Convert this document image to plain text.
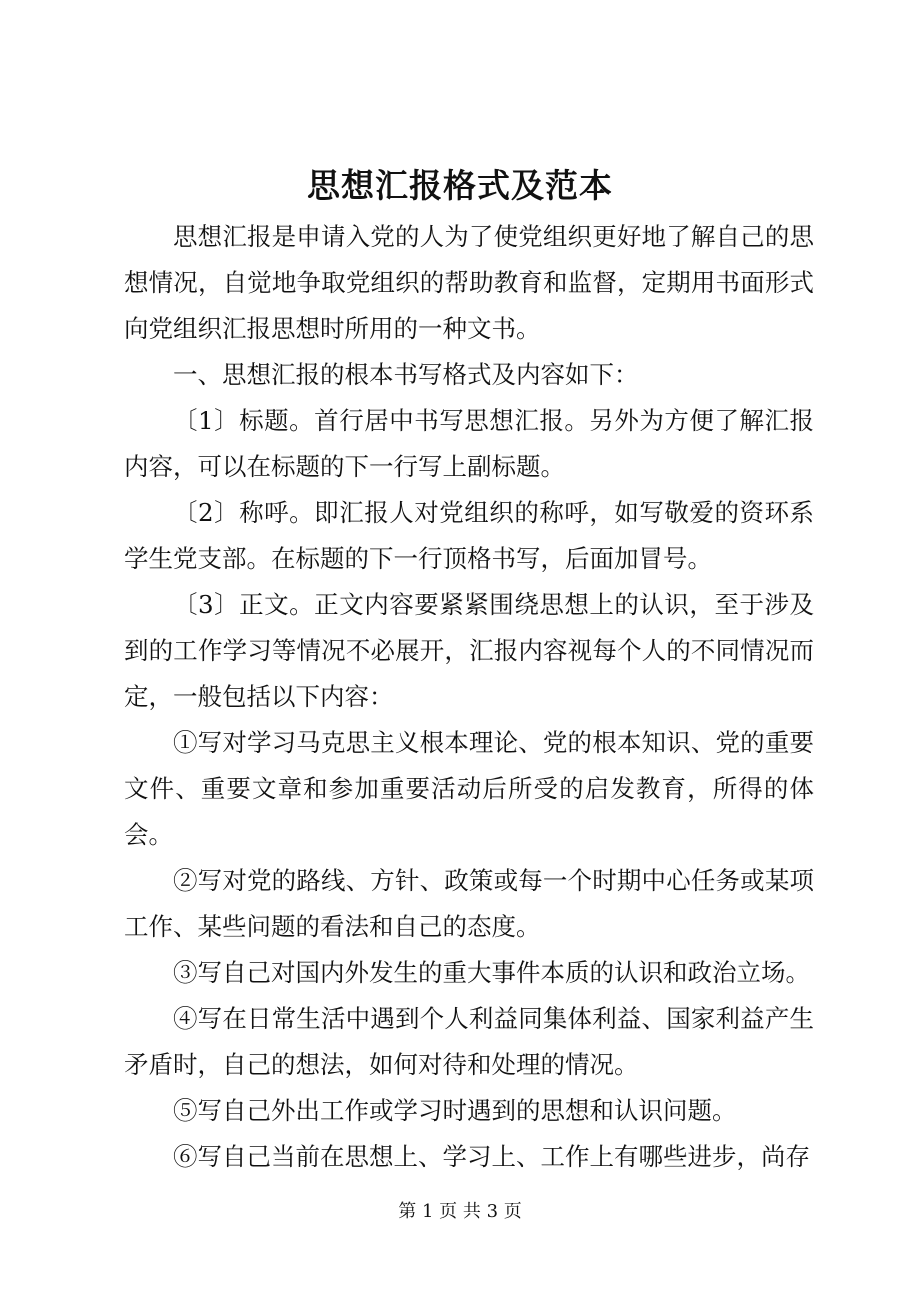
思想汇报格式及范本

思想汇报是申请入党的人为了使党组织更好地了解自己的思想情况，自觉地争取党组织的帮助教育和监督，定期用书面形式向党组织汇报思想时所用的一种文书。

一、思想汇报的根本书写格式及内容如下：

〔1〕标题。首行居中书写思想汇报。另外为方便了解汇报内容，可以在标题的下一行写上副标题。

〔2〕称呼。即汇报人对党组织的称呼，如写敬爱的资环系学生党支部。在标题的下一行顶格书写，后面加冒号。

〔3〕正文。正文内容要紧紧围绕思想上的认识，至于涉及到的工作学习等情况不必展开，汇报内容视每个人的不同情况而定，一般包括以下内容：

①写对学习马克思主义根本理论、党的根本知识、党的重要文件、重要文章和参加重要活动后所受的启发教育，所得的体会。

②写对党的路线、方针、政策或每一个时期中心任务或某项工作、某些问题的看法和自己的态度。

③写自己对国内外发生的重大事件本质的认识和政治立场。

④写在日常生活中遇到个人利益同集体利益、国家利益产生矛盾时，自己的想法，如何对待和处理的情况。

⑤写自己外出工作或学习时遇到的思想和认识问题。

⑥写自己当前在思想上、学习上、工作上有哪些进步，尚存

第 1 页 共 3 页
